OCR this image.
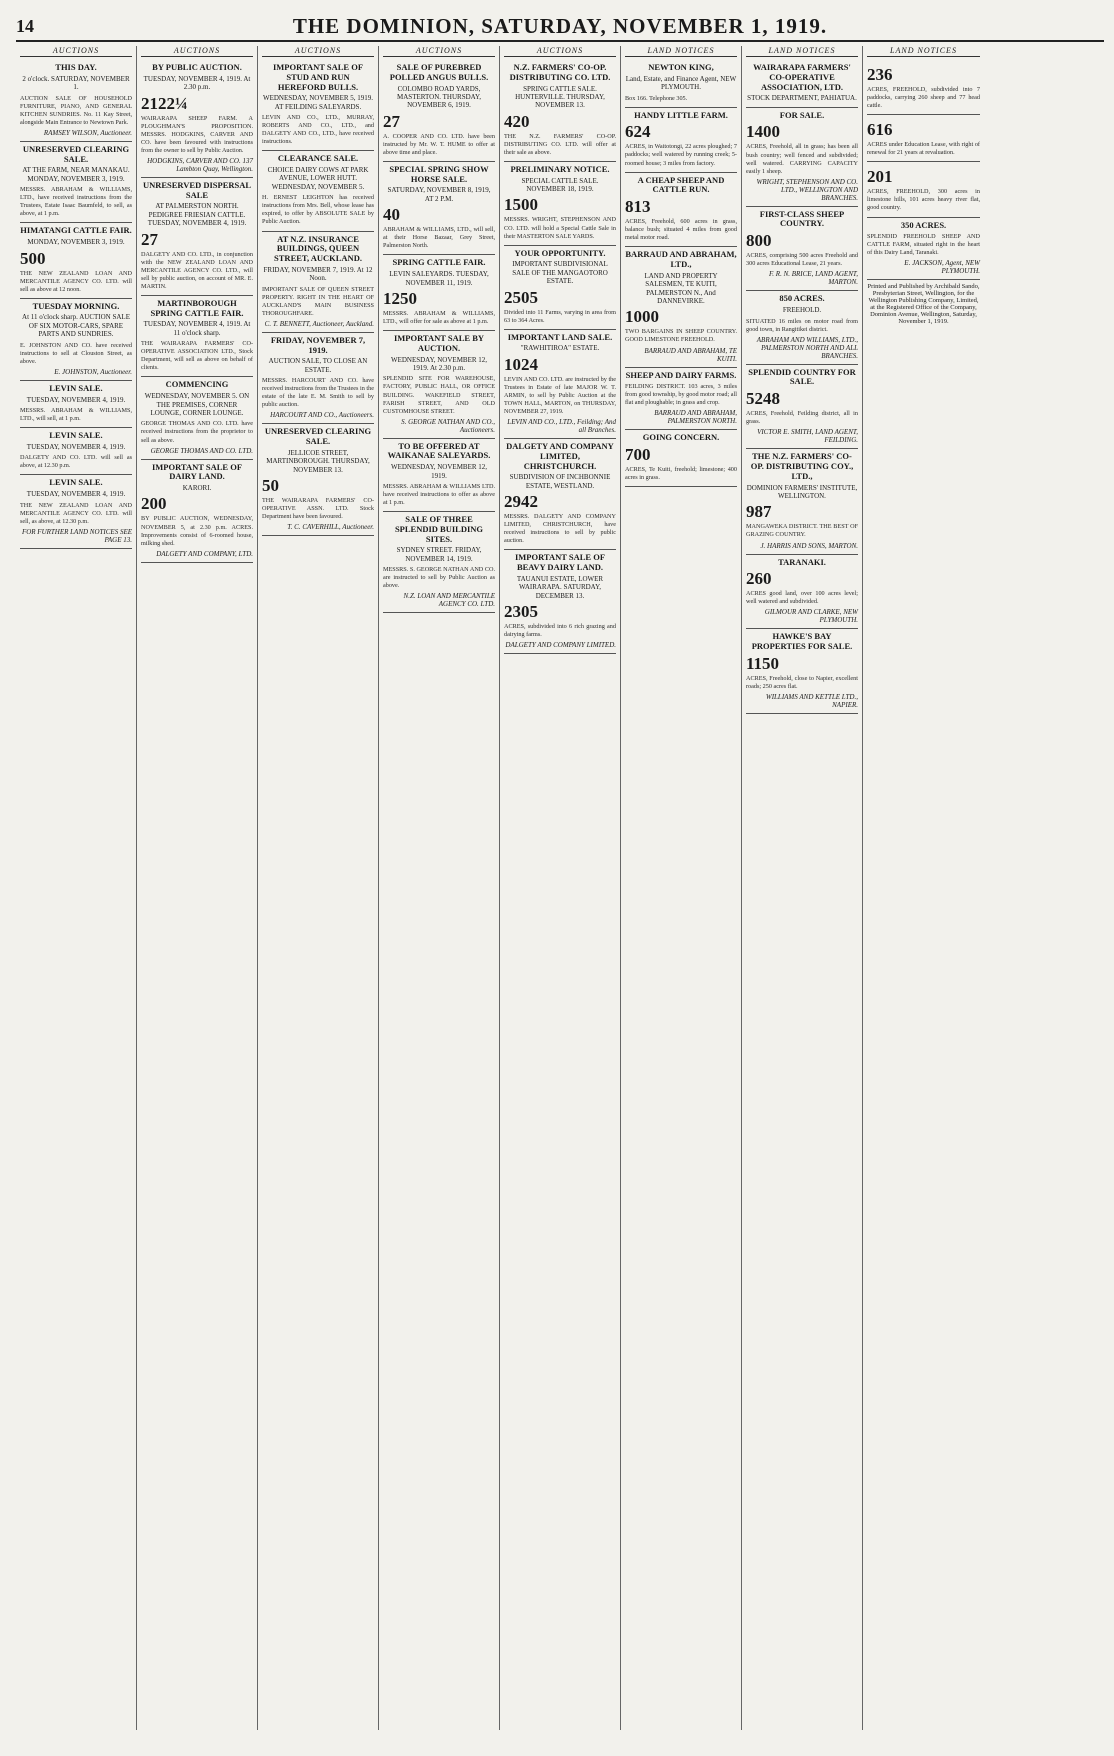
14	THE DOMINION, SATURDAY, NOVEMBER 1, 1919.
AUCTIONS
THIS DAY.
2 o'clock. SATURDAY, NOVEMBER 1.
AUCTION SALE OF HOUSEHOLD FURNITURE, PIANO, AND GENERAL KITCHEN SUNDRIES. No. 11 Kay Street, alongside Main Entrance to Newtown Park.
RAMSEY WILSON, Auctioneer.
UNRESERVED CLEARING SALE.
AT THE FARM, NEAR MANAKAU. MONDAY, NOVEMBER 3, 1919.
MESSRS. ABRAHAM & WILLIAMS, LTD., have received instructions from the Trustees, Estate Isaac Baumfeld, to sell, as above, at 1 p.m.
HIMATANGI CATTLE FAIR.
MONDAY, NOVEMBER 3, 1919.
500
THE NEW ZEALAND LOAN AND MERCANTILE AGENCY CO. LTD. will sell as above at 12 noon.
TUESDAY MORNING.
At 11 o'clock sharp. AUCTION SALE OF SIX MOTOR-CARS, SPARE PARTS AND SUNDRIES.
E. JOHNSTON AND CO. have received instructions to sell at Clouston Street, as above.
E. JOHNSTON, Auctioneer.
LEVIN SALE.
TUESDAY, NOVEMBER 4, 1919.
MESSRS. ABRAHAM & WILLIAMS, LTD., will sell, at 1 p.m.
LEVIN SALE.
TUESDAY, NOVEMBER 4, 1919.
DALGETY AND CO. LTD. will sell as above, at 12.30 p.m.
LEVIN SALE.
TUESDAY, NOVEMBER 4, 1919.
THE NEW ZEALAND LOAN AND MERCANTILE AGENCY CO. LTD. will sell, as above, at 12.30 p.m.
FOR FURTHER LAND NOTICES SEE PAGE 13.
AUCTIONS
BY PUBLIC AUCTION.
TUESDAY, NOVEMBER 4, 1919. At 2.30 p.m.
2122¼
WAIRARAPA SHEEP FARM. A PLOUGHMAN'S PROPOSITION. MESSRS. HODGKINS, CARVER AND CO. have been favoured with instructions from the owner to sell by Public Auction.
HODGKINS, CARVER AND CO. 137 Lambton Quay, Wellington.
UNRESERVED DISPERSAL SALE
AT PALMERSTON NORTH. PEDIGREE FRIESIAN CATTLE. TUESDAY, NOVEMBER 4, 1919.
27
DALGETY AND CO. LTD., in conjunction with the NEW ZEALAND LOAN AND MERCANTILE AGENCY CO. LTD., will sell by public auction, on account of MR. E. MARTIN.
MARTINBOROUGH SPRING CATTLE FAIR.
TUESDAY, NOVEMBER 4, 1919. At 11 o'clock sharp.
THE WAIRARAPA FARMERS' CO-OPERATIVE ASSOCIATION LTD., Stock Department, will sell as above on behalf of clients.
COMMENCING
WEDNESDAY, NOVEMBER 5. ON THE PREMISES, CORNER LOUNGE, CORNER LOUNGE.
GEORGE THOMAS AND CO. LTD. have received instructions from the proprietor to sell as above.
GEORGE THOMAS AND CO. LTD.
IMPORTANT SALE OF DAIRY LAND.
KARORI.
200
BY PUBLIC AUCTION, WEDNESDAY, NOVEMBER 5, at 2.30 p.m. ACRES. Improvements consist of 6-roomed house, milking shed.
DALGETY AND COMPANY, LTD.
AUCTIONS
IMPORTANT SALE OF STUD AND RUN HEREFORD BULLS.
WEDNESDAY, NOVEMBER 5, 1919. AT FEILDING SALEYARDS.
LEVIN AND CO., LTD., MURRAY, ROBERTS AND CO., LTD., and DALGETY AND CO., LTD., have received instructions.
CLEARANCE SALE.
CHOICE DAIRY COWS AT PARK AVENUE, LOWER HUTT. WEDNESDAY, NOVEMBER 5.
H. ERNEST LEIGHTON has received instructions from Mrs. Bell, whose lease has expired, to offer by ABSOLUTE SALE by Public Auction.
AT N.Z. INSURANCE BUILDINGS, QUEEN STREET, AUCKLAND.
FRIDAY, NOVEMBER 7, 1919. At 12 Noon.
IMPORTANT SALE OF QUEEN STREET PROPERTY. RIGHT IN THE HEART OF AUCKLAND'S MAIN BUSINESS THOROUGHFARE.
C. T. BENNETT, Auctioneer, Auckland.
FRIDAY, NOVEMBER 7, 1919.
AUCTION SALE, TO CLOSE AN ESTATE.
MESSRS. HARCOURT AND CO. have received instructions from the Trustees in the estate of the late E. M. Smith to sell by public auction.
HARCOURT AND CO., Auctioneers.
UNRESERVED CLEARING SALE.
JELLICOE STREET, MARTINBOROUGH. THURSDAY, NOVEMBER 13.
50
THE WAIRARAPA FARMERS' CO-OPERATIVE ASSN. LTD. Stock Department have been favoured.
T. C. CAVERHILL, Auctioneer.
AUCTIONS
SALE OF PUREBRED POLLED ANGUS BULLS.
COLOMBO ROAD YARDS, MASTERTON. THURSDAY, NOVEMBER 6, 1919.
27
A. COOPER AND CO. LTD. have been instructed by Mr. W. T. HUME to offer at above time and place.
SPECIAL SPRING SHOW HORSE SALE.
SATURDAY, NOVEMBER 8, 1919, AT 2 P.M.
40
ABRAHAM & WILLIAMS, LTD., will sell, at their Horse Bazaar, Grey Street, Palmerston North.
SPRING CATTLE FAIR.
LEVIN SALEYARDS. TUESDAY, NOVEMBER 11, 1919.
1250
MESSRS. ABRAHAM & WILLIAMS, LTD., will offer for sale as above at 1 p.m.
IMPORTANT SALE BY AUCTION.
WEDNESDAY, NOVEMBER 12, 1919. At 2.30 p.m.
SPLENDID SITE FOR WAREHOUSE, FACTORY, PUBLIC HALL, OR OFFICE BUILDING. WAKEFIELD STREET, FARISH STREET, AND OLD CUSTOMHOUSE STREET.
S. GEORGE NATHAN AND CO., Auctioneers.
TO BE OFFERED AT WAIKANAE SALEYARDS.
WEDNESDAY, NOVEMBER 12, 1919.
MESSRS. ABRAHAM & WILLIAMS LTD. have received instructions to offer as above at 1 p.m.
SALE OF THREE SPLENDID BUILDING SITES.
SYDNEY STREET. FRIDAY, NOVEMBER 14, 1919.
MESSRS. S. GEORGE NATHAN AND CO. are instructed to sell by Public Auction as above.
N.Z. LOAN AND MERCANTILE AGENCY CO. LTD.
AUCTIONS
N.Z. FARMERS' CO-OP. DISTRIBUTING CO. LTD.
SPRING CATTLE SALE. HUNTERVILLE. THURSDAY, NOVEMBER 13.
420
THE N.Z. FARMERS' CO-OP. DISTRIBUTING CO. LTD. will offer at their sale as above.
PRELIMINARY NOTICE.
SPECIAL CATTLE SALE. NOVEMBER 18, 1919.
1500
MESSRS. WRIGHT, STEPHENSON AND CO. LTD. will hold a Special Cattle Sale in their MASTERTON SALE YARDS.
YOUR OPPORTUNITY.
IMPORTANT SUBDIVISIONAL SALE OF THE MANGAOTORO ESTATE.
2505
Divided into 11 Farms, varying in area from 63 to 364 Acres.
IMPORTANT LAND SALE.
"RAWHITIROA" ESTATE.
1024
LEVIN AND CO. LTD. are instructed by the Trustees in Estate of late MAJOR W. T. ARMIN, to sell by Public Auction at the TOWN HALL, MARTON, on THURSDAY, NOVEMBER 27, 1919.
LEVIN AND CO., LTD., Feilding; And all Branches.
DALGETY AND COMPANY LIMITED, CHRISTCHURCH.
SUBDIVISION OF INCHBONNIE ESTATE, WESTLAND.
2942
MESSRS. DALGETY AND COMPANY LIMITED, CHRISTCHURCH, have received instructions to sell by public auction.
IMPORTANT SALE OF BEAVY DAIRY LAND.
TAUANUI ESTATE, LOWER WAIRARAPA. SATURDAY, DECEMBER 13.
2305
ACRES, subdivided into 6 rich grazing and dairying farms.
DALGETY AND COMPANY LIMITED.
LAND NOTICES
NEWTON KING,
Land, Estate, and Finance Agent, NEW PLYMOUTH.
Box 166. Telephone 305.
HANDY LITTLE FARM.
624
ACRES, in Waitotongi, 22 acres ploughed; 7 paddocks; well watered by running creek; 5-roomed house; 3 miles from factory.
A CHEAP SHEEP AND CATTLE RUN.
813
ACRES, Freehold, 600 acres in grass, balance bush; situated 4 miles from good metal motor road.
BARRAUD AND ABRAHAM, LTD.,
LAND AND PROPERTY SALESMEN, TE KUITI, PALMERSTON N., And DANNEVIRKE.
1000
TWO BARGAINS IN SHEEP COUNTRY. GOOD LIMESTONE FREEHOLD.
BARRAUD AND ABRAHAM, TE KUITI.
SHEEP AND DAIRY FARMS.
FEILDING DISTRICT. 103 acres, 3 miles from good township, by good motor road; all flat and ploughable; in grass and crop.
BARRAUD AND ABRAHAM, PALMERSTON NORTH.
GOING CONCERN.
700
ACRES, Te Kuiti, freehold; limestone; 400 acres in grass.
LAND NOTICES
WAIRARAPA FARMERS' CO-OPERATIVE ASSOCIATION, LTD.
STOCK DEPARTMENT, PAHIATUA.
FOR SALE.
1400
ACRES, Freehold, all in grass; has been all bush country; well fenced and subdivided; well watered. CARRYING CAPACITY easily 1 sheep.
WRIGHT, STEPHENSON AND CO. LTD., WELLINGTON AND BRANCHES.
FIRST-CLASS SHEEP COUNTRY.
800
ACRES, comprising 500 acres Freehold and 300 acres Educational Lease, 21 years.
F. R. N. BRICE, LAND AGENT, MARTON.
850 ACRES.
FREEHOLD.
SITUATED 16 miles on motor road from good town, in Rangitikei district.
ABRAHAM AND WILLIAMS, LTD., PALMERSTON NORTH AND ALL BRANCHES.
SPLENDID COUNTRY FOR SALE.
5248
ACRES, Freehold, Feilding district, all in grass.
VICTOR E. SMITH, LAND AGENT, FEILDING.
THE N.Z. FARMERS' CO-OP. DISTRIBUTING COY., LTD.,
DOMINION FARMERS' INSTITUTE, WELLINGTON.
987
MANGAWEKA DISTRICT. THE BEST OF GRAZING COUNTRY.
J. HARRIS AND SONS, MARTON.
TARANAKI.
260
ACRES good land, over 100 acres level; well watered and subdivided.
GILMOUR AND CLARKE, NEW PLYMOUTH.
HAWKE'S BAY PROPERTIES FOR SALE.
1150
ACRES, Freehold, close to Napier, excellent roads; 250 acres flat.
WILLIAMS AND KETTLE LTD., NAPIER.
LAND NOTICES
236
ACRES, FREEHOLD, subdivided into 7 paddocks, carrying 260 sheep and 77 head cattle.
616
ACRES under Education Lease, with right of renewal for 21 years at revaluation.
201
ACRES, FREEHOLD, 300 acres in limestone hills, 101 acres heavy river flat, good country.
350 ACRES.
SPLENDID FREEHOLD SHEEP AND CATTLE FARM, situated right in the heart of this Dairy Land, Taranaki.
E. JACKSON, Agent, NEW PLYMOUTH.
Printed and Published by Archibald Sando, Presbyterian Street, Wellington, for the Wellington Publishing Company, Limited, at the Registered Office of the Company, Dominion Avenue, Wellington, Saturday, November 1, 1919.
